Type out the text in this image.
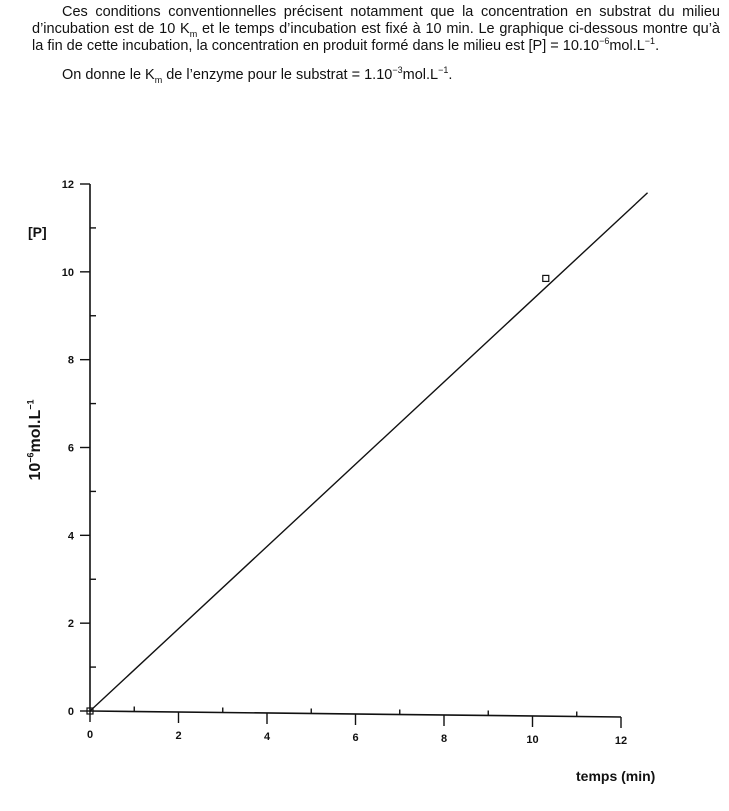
Ces conditions conventionnelles précisent notamment que la concentration en substrat du milieu d’incubation est de 10 $K_m$ et le temps d’incubation est fixé à 10 min. Le graphique ci-dessous montre qu’à la fin de cette incubation, la concentration en produit formé dans le milieu est $[P] = 10.10^{-6}mol.L^{-1}$.

On donne le $K_m$ de l’enzyme pour le substrat = $1.10^{-3}mol.L^{-1}$.

0
2
4
6
8
10
12
0	2	4	6	8	10	12
[P]
$10^{-6}mol.L^{-1}$
temps (min)
